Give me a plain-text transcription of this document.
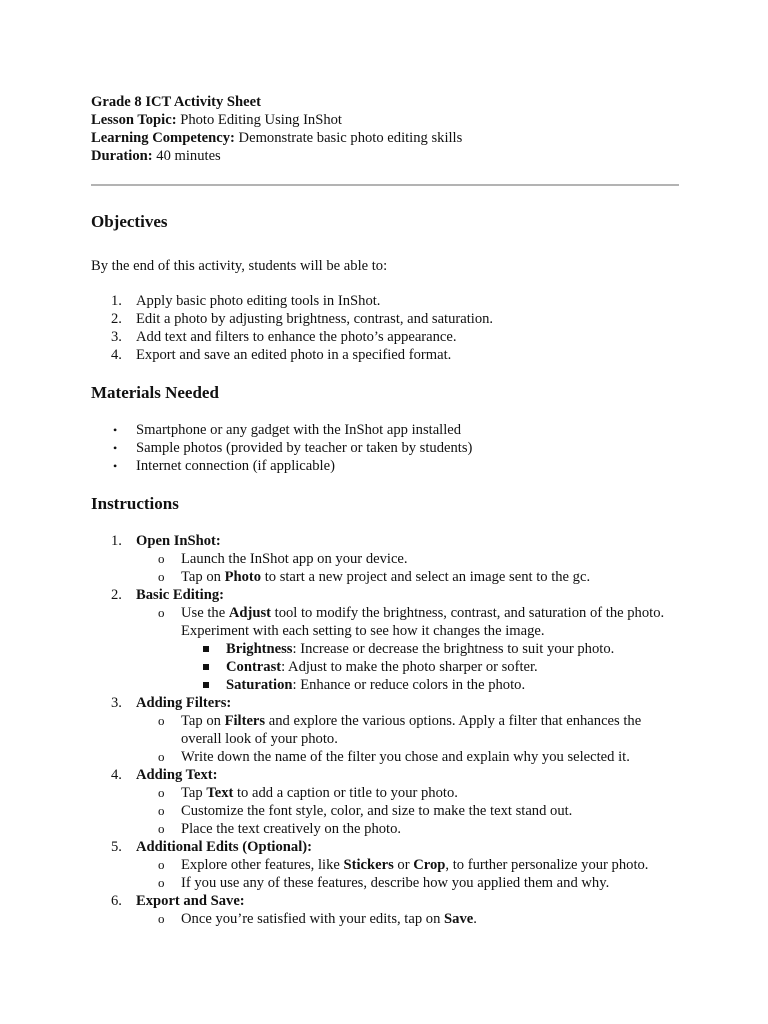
Grade 8 ICT Activity Sheet

Lesson Topic: Photo Editing Using InShot

Learning Competency: Demonstrate basic photo editing skills

Duration: 40 minutes

Objectives

By the end of this activity, students will be able to:

1. Apply basic photo editing tools in InShot.
2. Edit a photo by adjusting brightness, contrast, and saturation.
3. Add text and filters to enhance the photo’s appearance.
4. Export and save an edited photo in a specified format.
Materials Needed
• Smartphone or any gadget with the InShot app installed
• Sample photos (provided by teacher or taken by students)
• Internet connection (if applicable)
Instructions
1. Open InShot:
o Launch the InShot app on your device.
o Tap on Photo to start a new project and select an image sent to the gc.
2. Basic Editing:
o Use the Adjust tool to modify the brightness, contrast, and saturation of the photo. Experiment with each setting to see how it changes the image.
Brightness: Increase or decrease the brightness to suit your photo.
Contrast: Adjust to make the photo sharper or softer.
Saturation: Enhance or reduce colors in the photo.
3. Adding Filters:
o Tap on Filters and explore the various options. Apply a filter that enhances the overall look of your photo.
o Write down the name of the filter you chose and explain why you selected it.
4. Adding Text:
o Tap Text to add a caption or title to your photo.
o Customize the font style, color, and size to make the text stand out.
o Place the text creatively on the photo.
5. Additional Edits (Optional):
o Explore other features, like Stickers or Crop, to further personalize your photo.
o If you use any of these features, describe how you applied them and why.
6. Export and Save:
o Once you’re satisfied with your edits, tap on Save.
